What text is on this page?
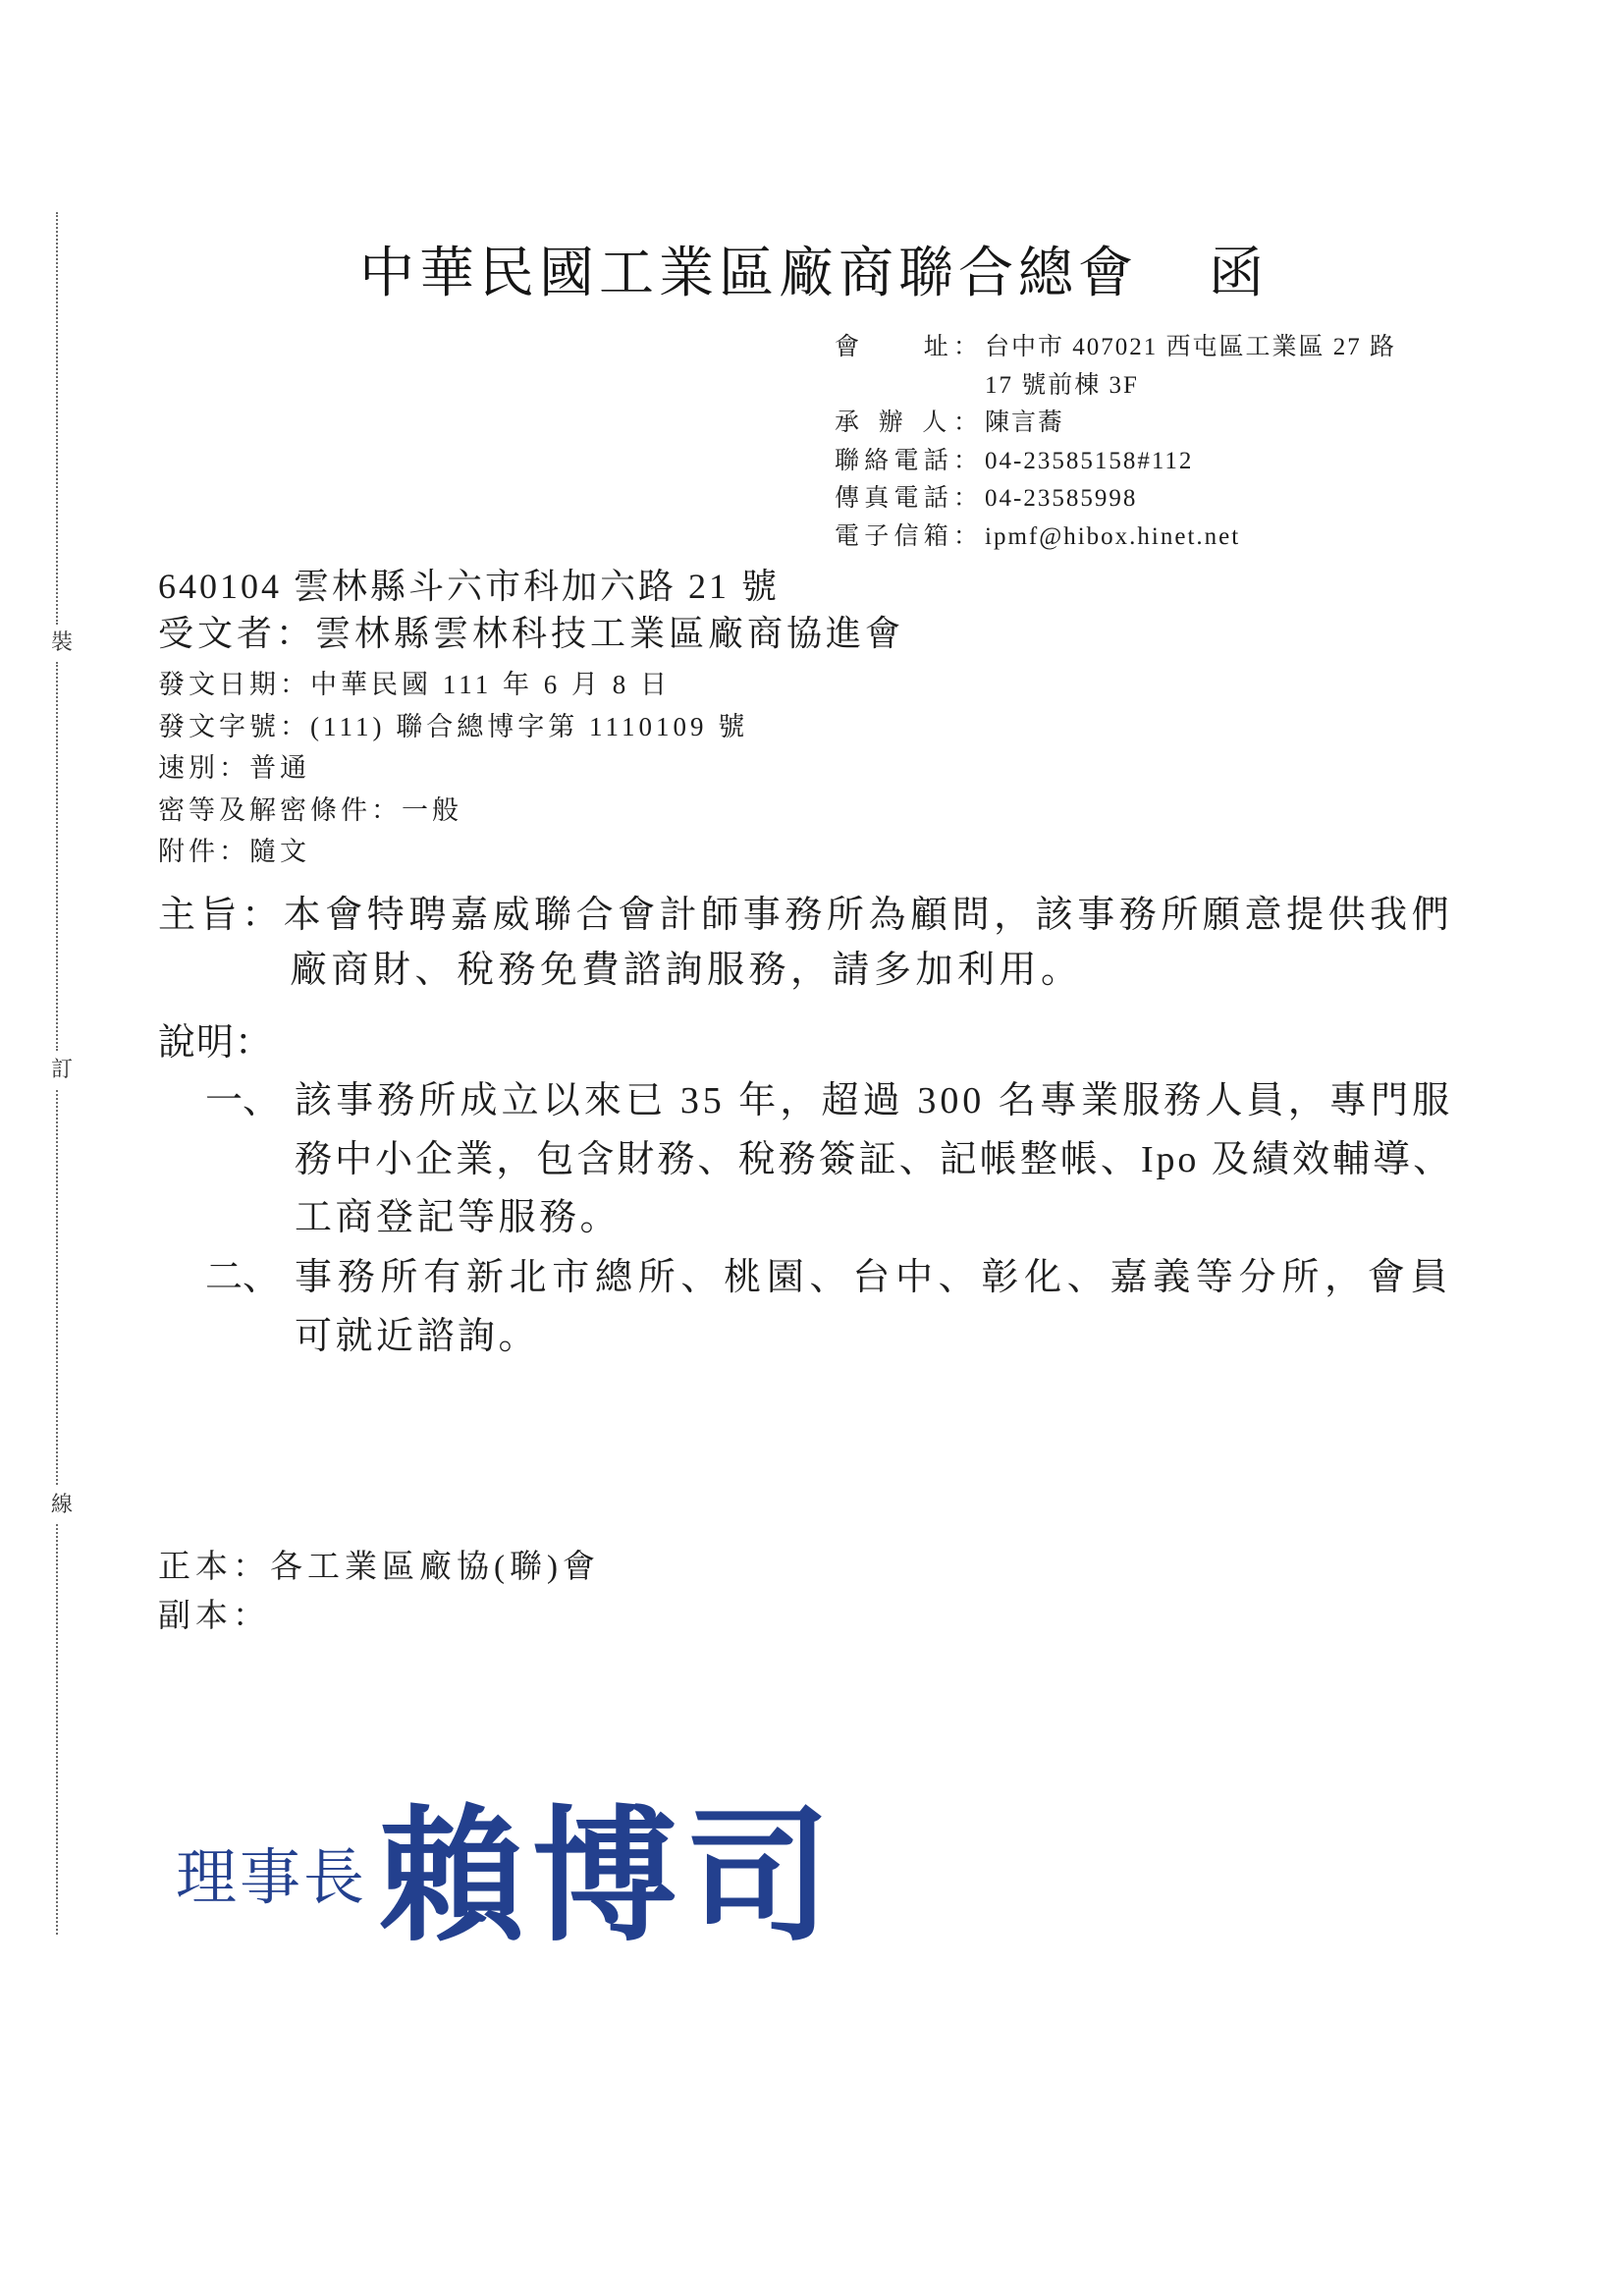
裝
訂
線
中華民國工業區廠商聯合總會 函
會　　址： 台中市 407021 西屯區工業區 27 路
17 號前棟 3F
承 辦 人： 陳言蕎
聯絡電話： 04-23585158#112
傳真電話： 04-23585998
電子信箱： ipmf@hibox.hinet.net
640104 雲林縣斗六市科加六路 21 號
受文者：雲林縣雲林科技工業區廠商協進會
發文日期：中華民國 111 年 6 月 8 日
發文字號：(111) 聯合總博字第 1110109 號
速別：普通
密等及解密條件：一般
附件：隨文
主旨：本會特聘嘉威聯合會計師事務所為顧問，該事務所願意提供我們
廠商財、稅務免費諮詢服務，請多加利用。
說明：
一、 該事務所成立以來已 35 年，超過 300 名專業服務人員，專門服
務中小企業，包含財務、稅務簽証、記帳整帳、Ipo 及績效輔導、
工商登記等服務。
二、 事務所有新北市總所、桃園、台中、彰化、嘉義等分所，會員
可就近諮詢。
正本：各工業區廠協(聯)會
副本：
理事長 賴博司
